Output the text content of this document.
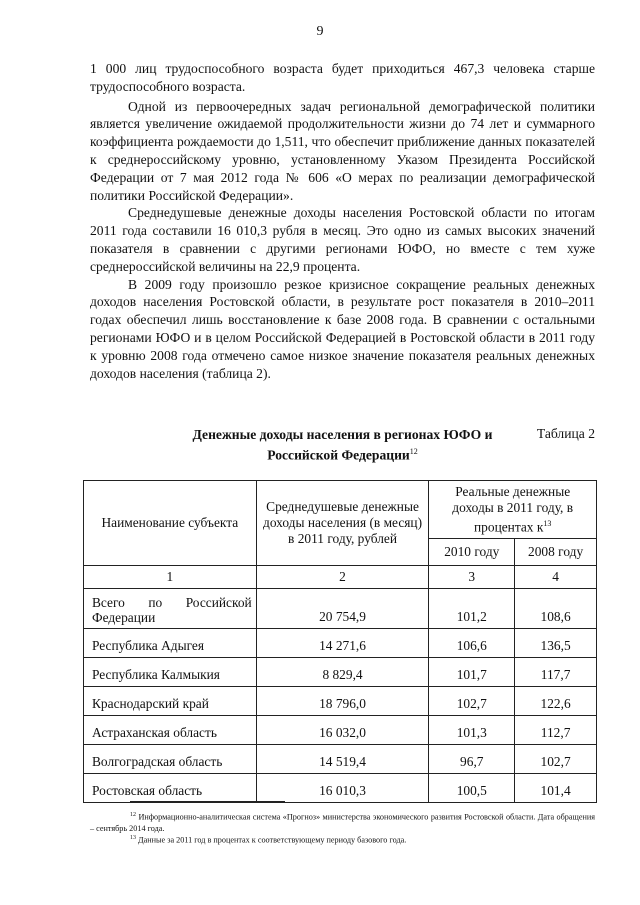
9

1 000 лиц трудоспособного возраста будет приходиться 467,3 человека старше трудоспособного возраста.

Одной из первоочередных задач региональной демографической политики является увеличение ожидаемой продолжительности жизни до 74 лет и суммарного коэффициента рождаемости до 1,511, что обеспечит приближение данных показателей к среднероссийскому уровню, установленному Указом Президента Российской Федерации от 7 мая 2012 года № 606 «О мерах по реализации демографической политики Российской Федерации».

Среднедушевые денежные доходы населения Ростовской области по итогам 2011 года составили 16 010,3 рубля в месяц. Это одно из самых высоких значений показателя в сравнении с другими регионами ЮФО, но вместе с тем хуже среднероссийской величины на 22,9 процента.

В 2009 году произошло резкое кризисное сокращение реальных денежных доходов населения Ростовской области, в результате рост показателя в 2010–2011 годах обеспечил лишь восстановление к базе 2008 года. В сравнении с остальными регионами ЮФО и в целом Российской Федерацией в Ростовской области в 2011 году к уровню 2008 года отмечено самое низкое значение показателя реальных денежных доходов населения (таблица 2).

Таблица 2
Денежные доходы населения в регионах ЮФО и
Российской Федерации$^{12}$
Наименование субъекта	Среднедушевые денежные доходы населения (в месяц) в 2011 году, рублей	Реальные денежные доходы в 2011 году, в процентах $к^{13}$
		2010 году	2008 году
1	2	3	4
Всего по Российской Федерации	20 754,9	101,2	108,6
Республика Адыгея	14 271,6	106,6	136,5
Республика Калмыкия	8 829,4	101,7	117,7
Краснодарский край	18 796,0	102,7	122,6
Астраханская область	16 032,0	101,3	112,7
Волгоградская область	14 519,4	96,7	102,7
Ростовская область	16 010,3	100,5	101,4
$^{12}$ Информационно-аналитическая система «Прогноз» министерства экономического развития Ростовской области. Дата обращения – сентябрь 2014 года.
$^{13}$ Данные за 2011 год в процентах к соответствующему периоду базового года.
